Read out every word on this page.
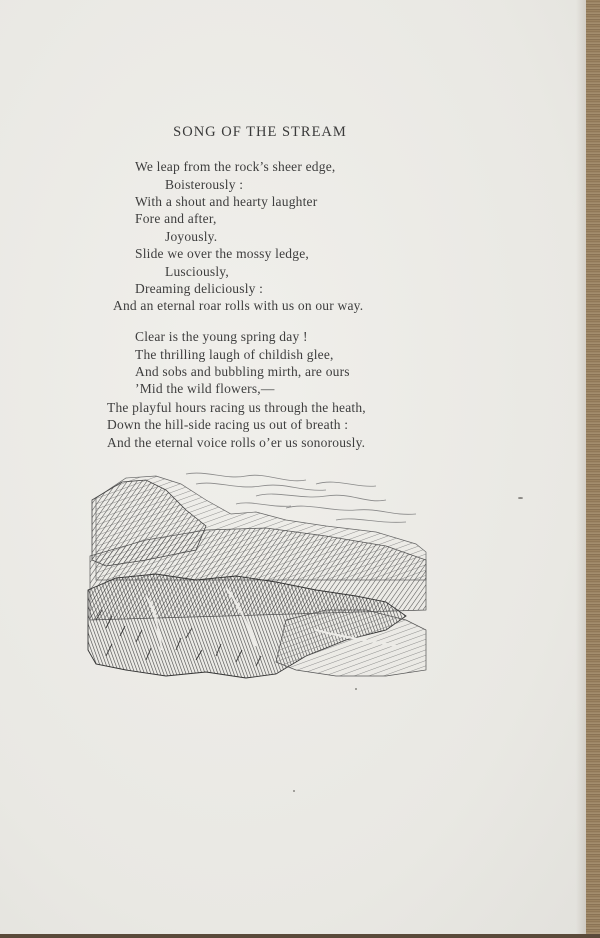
SONG OF THE STREAM
We leap from the rock’s sheer edge,
Boisterously :
With a shout and hearty laughter
Fore and after,
Joyously.
Slide we over the mossy ledge,
Lusciously,
Dreaming deliciously :
And an eternal roar rolls with us on our way.
Clear is the young spring day !
The thrilling laugh of childish glee,
And sobs and bubbling mirth, are ours
’Mid the wild flowers,—
The playful hours racing us through the heath,
Down the hill-side racing us out of breath :
And the eternal voice rolls o’er us sonorously.
